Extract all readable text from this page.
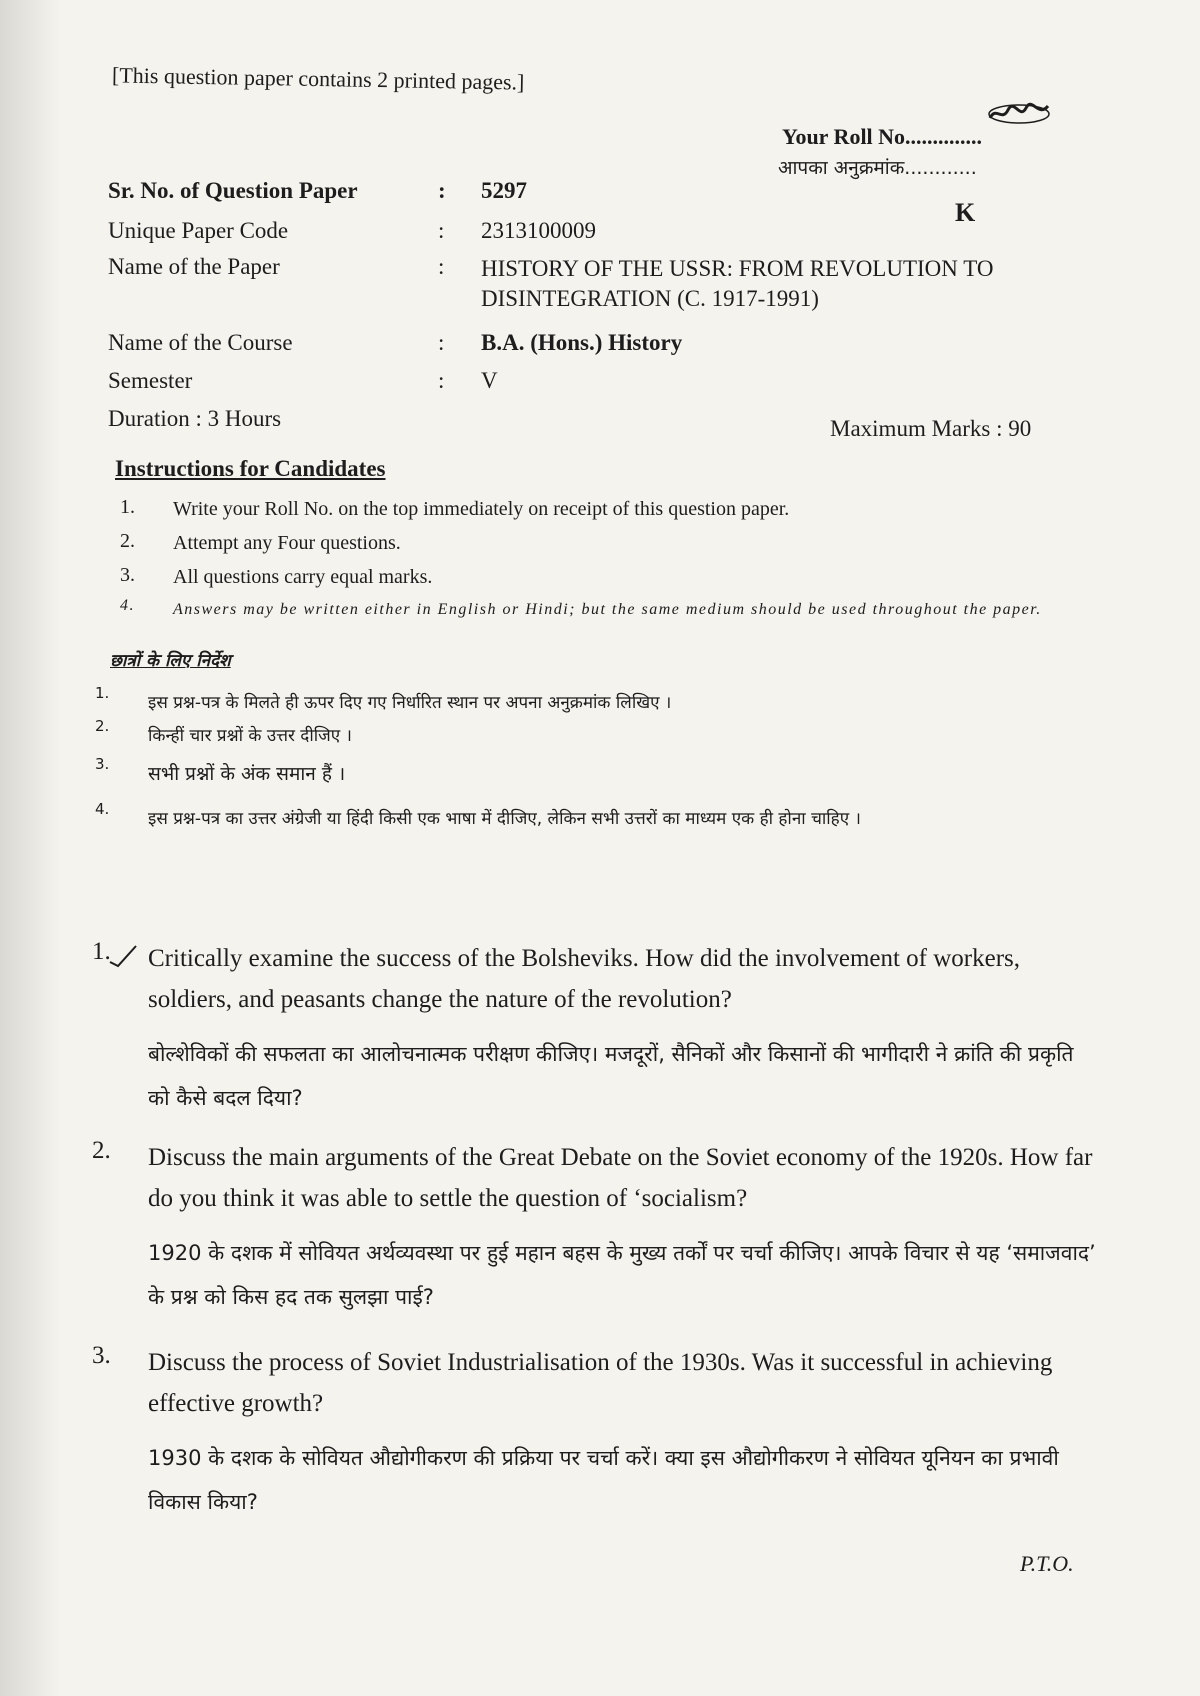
[This question paper contains 2 printed pages.]
Your Roll No..............
आपका अनुक्रमांक............
K
Sr. No. of Question Paper	: 5297
Unique Paper Code	: 2313100009
Name of the Paper	: HISTORY OF THE USSR: FROM REVOLUTION TO DISINTEGRATION (C. 1917-1991)
Name of the Course	: B.A. (Hons.) History
Semester	: V
Duration : 3 Hours	Maximum Marks : 90
Instructions for Candidates
1. Write your Roll No. on the top immediately on receipt of this question paper.
2. Attempt any Four questions.
3. All questions carry equal marks.
4. Answers may be written either in English or Hindi; but the same medium should be used throughout the paper.
छात्रों के लिए निर्देश
1. इस प्रश्न-पत्र के मिलते ही ऊपर दिए गए निर्धारित स्थान पर अपना अनुक्रमांक लिखिए ।
2. किन्हीं चार प्रश्नों के उत्तर दीजिए ।
3. सभी प्रश्नों के अंक समान हैं ।
4. इस प्रश्न-पत्र का उत्तर अंग्रेजी या हिंदी किसी एक भाषा में दीजिए, लेकिन सभी उत्तरों का माध्यम एक ही होना चाहिए ।
1. Critically examine the success of the Bolsheviks. How did the involvement of workers, soldiers, and peasants change the nature of the revolution?
बोल्शेविकों की सफलता का आलोचनात्मक परीक्षण कीजिए। मजदूरों, सैनिकों और किसानों की भागीदारी ने क्रांति की प्रकृति को कैसे बदल दिया?
2. Discuss the main arguments of the Great Debate on the Soviet economy of the 1920s. How far do you think it was able to settle the question of ‘socialism?
1920 के दशक में सोवियत अर्थव्यवस्था पर हुई महान बहस के मुख्य तर्कों पर चर्चा कीजिए। आपके विचार से यह ‘समाजवाद’ के प्रश्न को किस हद तक सुलझा पाई?
3. Discuss the process of Soviet Industrialisation of the 1930s. Was it successful in achieving effective growth?
1930 के दशक के सोवियत औद्योगीकरण की प्रक्रिया पर चर्चा करें। क्या इस औद्योगीकरण ने सोवियत यूनियन का प्रभावी विकास किया?
P.T.O.
